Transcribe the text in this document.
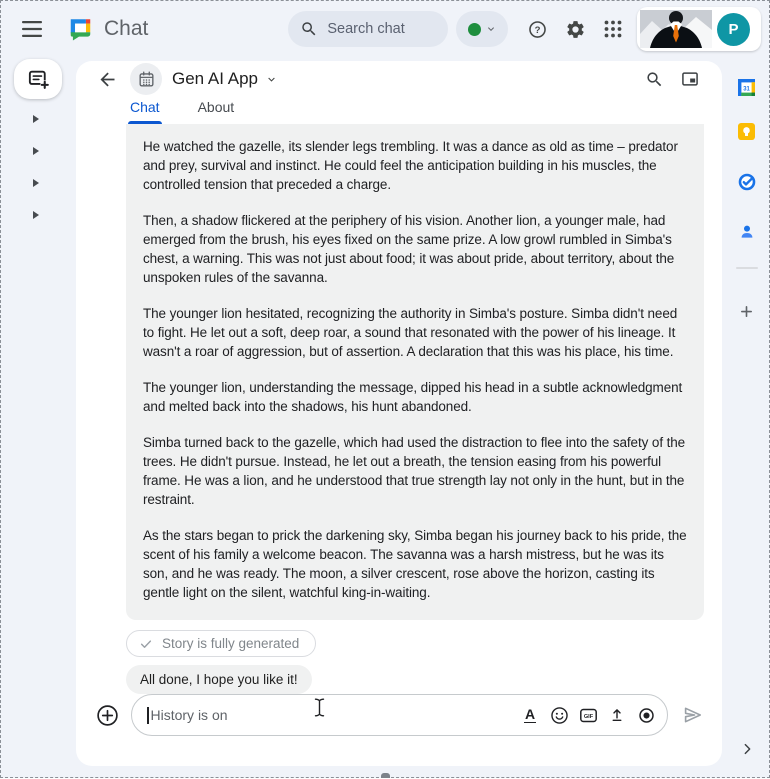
Chat	Search chat	?	P
Gen AI App
Chat	About

He watched the gazelle, its slender legs trembling. It was a dance as old as time – predator and prey, survival and instinct. He could feel the anticipation building in his muscles, the controlled tension that preceded a charge.

Then, a shadow flickered at the periphery of his vision. Another lion, a younger male, had emerged from the brush, his eyes fixed on the same prize. A low growl rumbled in Simba's chest, a warning. This was not just about food; it was about pride, about territory, about the unspoken rules of the savanna.

The younger lion hesitated, recognizing the authority in Simba's posture. Simba didn't need to fight. He let out a soft, deep roar, a sound that resonated with the power of his lineage. It wasn't a roar of aggression, but of assertion. A declaration that this was his place, his time.

The younger lion, understanding the message, dipped his head in a subtle acknowledgment and melted back into the shadows, his hunt abandoned.

Simba turned back to the gazelle, which had used the distraction to flee into the safety of the trees. He didn't pursue. Instead, he let out a breath, the tension easing from his powerful frame. He was a lion, and he understood that true strength lay not only in the hunt, but in the restraint.

As the stars began to prick the darkening sky, Simba began his journey back to his pride, the scent of his family a welcome beacon. The savanna was a harsh mistress, but he was its son, and he was ready. The moon, a silver crescent, rose above the horizon, casting its gentle light on the silent, watchful king-in-waiting.

Story is fully generated
All done, I hope you like it!
History is on	A	GIF
31
